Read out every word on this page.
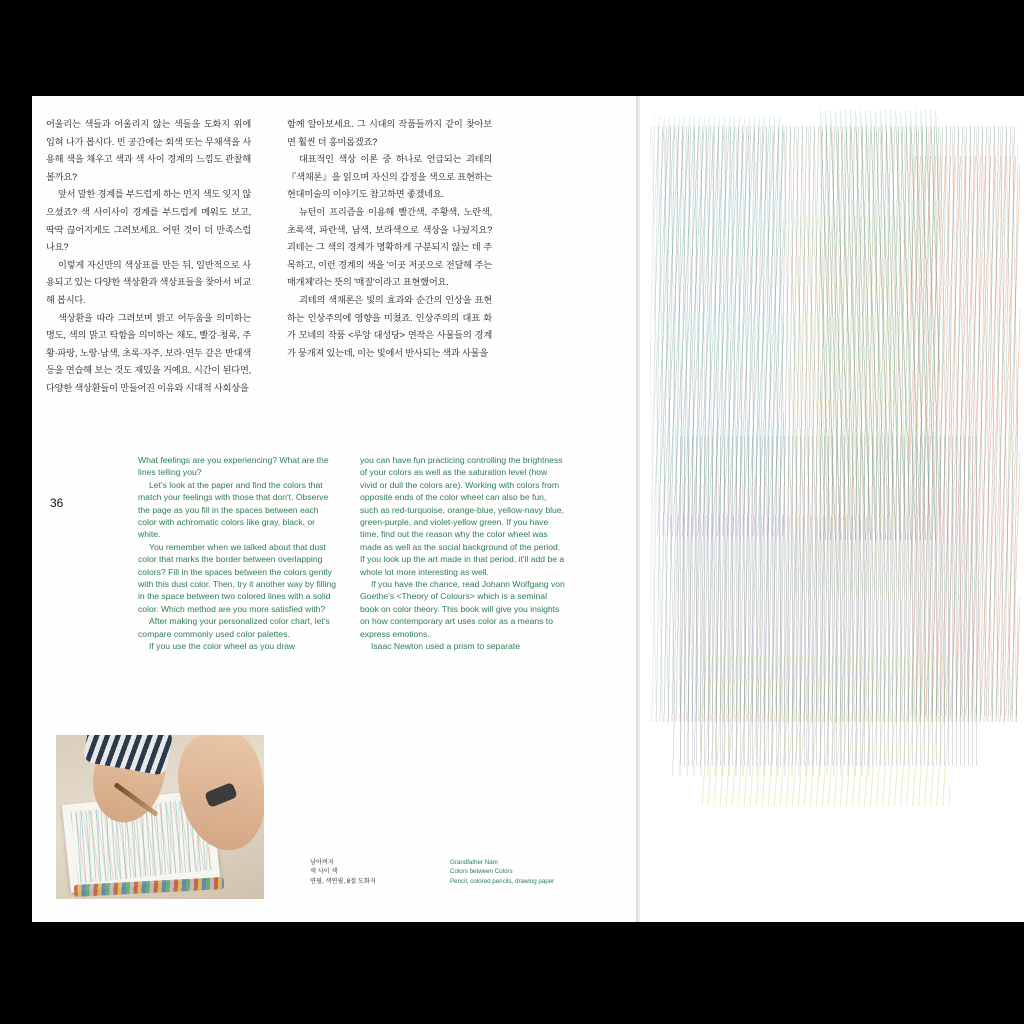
36

어울리는 색들과 어울리지 않는 색들을 도화지 위에 입혀 나가 봅시다. 빈 공간에는 회색 또는 무채색을 사용해 색을 채우고 색과 색 사이 경계의 느낌도 관찰해 볼까요?

앞서 말한 경계를 부드럽게 하는 먼지 색도 잊지 않으셨죠? 색 사이사이 경계를 부드럽게 메워도 보고, 딱딱 끊어지게도 그려보세요. 어떤 것이 더 만족스럽나요?

이렇게 자신만의 색상표를 만든 뒤, 일반적으로 사용되고 있는 다양한 색상환과 색상표들을 찾아서 비교해 봅시다.

색상환을 따라 그려보며 밝고 어두움을 의미하는 명도, 색의 맑고 탁함을 의미하는 채도, 빨강·청록, 주황·파랑, 노랑·남색, 초록·자주, 보라·연두 같은 반대색 등을 연습해 보는 것도 재밌을 거예요. 시간이 된다면, 다양한 색상환들이 만들어진 이유와 시대적 사회상을

함께 알아보세요. 그 시대의 작품들까지 같이 찾아보면 훨씬 더 흥미롭겠죠?

대표적인 색상 이론 중 하나로 언급되는 괴테의 『색채론』을 읽으며 자신의 감정을 색으로 표현하는 현대미술의 이야기도 참고하면 좋겠네요.

뉴턴이 프리즘을 이용해 빨간색, 주황색, 노란색, 초록색, 파란색, 남색, 보라색으로 색상을 나눴지요? 괴테는 그 색의 경계가 명확하게 구분되지 않는 데 주목하고, 이런 경계의 색을 '이곳 저곳으로 전달해 주는 매개체'라는 뜻의 '매질'이라고 표현했어요.

괴테의 색채론은 빛의 효과와 순간의 인상을 표현하는 인상주의에 영향을 미쳤죠. 인상주의의 대표 화가 모네의 작품 <루앙 대성당> 연작은 사물들의 경계가 뭉개져 있는데, 이는 빛에서 반사되는 색과 사물을

What feelings are you experiencing? What are the lines telling you?

Let's look at the paper and find the colors that match your feelings with those that don't. Observe the page as you fill in the spaces between each color with achromatic colors like gray, black, or white.

You remember when we talked about that dust color that marks the border between overlapping colors? Fill in the spaces between the colors gently with this dust color. Then, try it another way by filling in the space between two colored lines with a solid color. Which method are you more satisfied with?

After making your personalized color chart, let's compare commonly used color palettes.

If you use the color wheel as you draw

you can have fun practicing controlling the brightness of your colors as well as the saturation level (how vivid or dull the colors are). Working with colors from opposite ends of the color wheel can also be fun, such as red-turquoise, orange-blue, yellow-navy blue, green-purple, and violet-yellow green. If you have time, find out the reason why the color wheel was made as well as the social background of the period. If you look up the art made in that period, it'll add be a whole lot more interesting as well.

If you have the chance, read Johann Wolfgang von Goethe's <Theory of Colours> which is a seminal book on color theory. This book will give you insights on how contemporary art uses color as a means to express emotions.

Isaac Newton used a prism to separate

남아버지
색 사이 색
연필, 색연필, 8절 도화지
Grandfather Nam
Colors between Colors
Pencil, colored pencils, drawing paper
